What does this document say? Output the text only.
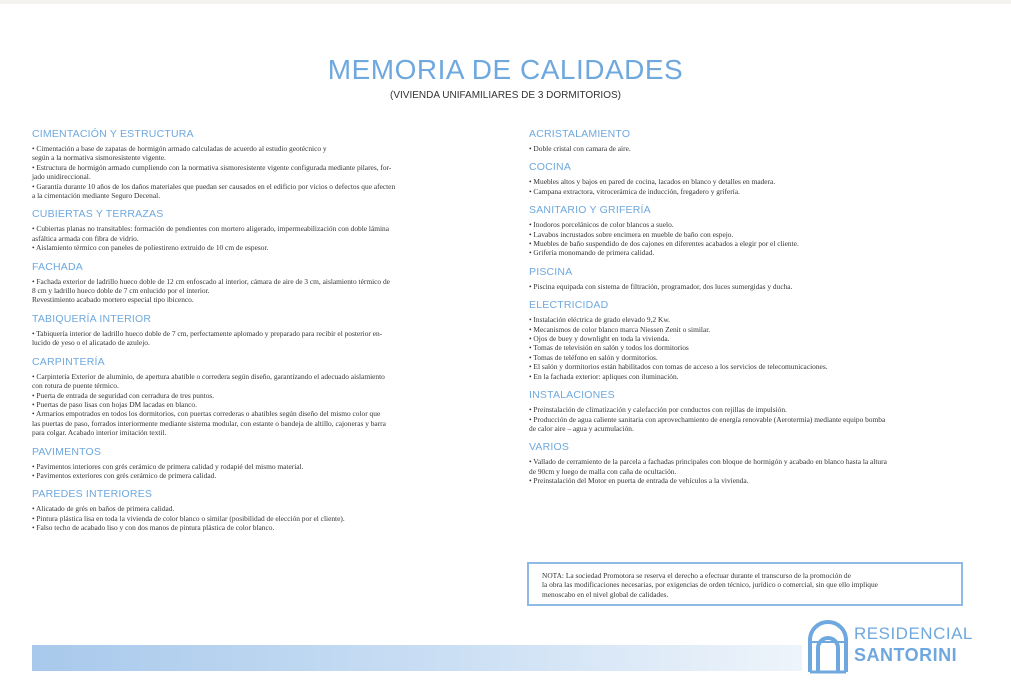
MEMORIA DE CALIDADES

(VIVIENDA UNIFAMILIARES DE 3 DORMITORIOS)

CIMENTACIÓN Y ESTRUCTURA
• Cimentación a base de zapatas de hormigón armado calculadas de acuerdo al estudio geotécnico y
según a la normativa sismoresistente vigente.
• Estructura de hormigón armado cumpliendo con la normativa sismoresistente vigente configurada mediante pilares, for-
jado unidireccional.
• Garantía durante 10 años de los daños materiales que puedan ser causados en el edificio por vicios o defectos que afecten
a la cimentación mediante Seguro Decenal.
CUBIERTAS Y TERRAZAS
• Cubiertas planas no transitables: formación de pendientes con mortero aligerado, impermeabilización con doble lámina
asfáltica armada con fibra de vidrio.
• Aislamiento térmico con paneles de poliestireno extruido de 10 cm de espesor.
FACHADA
• Fachada exterior de ladrillo hueco doble de 12 cm enfoscado al interior, cámara de aire de 3 cm, aislamiento térmico de
8 cm y ladrillo hueco doble de 7 cm enlucido por el interior.
Revestimiento acabado mortero especial tipo ibicenco.
TABIQUERÍA INTERIOR
• Tabiquería interior de ladrillo hueco doble de 7 cm, perfectamente aplomado y preparado para recibir el posterior en-
lucido de yeso o el alicatado de azulejo.
CARPINTERÍA
• Carpintería Exterior de aluminio, de apertura abatible o corredera según diseño, garantizando el adecuado aislamiento
con rotura de puente térmico.
• Puerta de entrada de seguridad con cerradura de tres puntos.
• Puertas de paso lisas con hojas DM lacadas en blanco.
• Armarios empotrados en todos los dormitorios, con puertas correderas o abatibles según diseño del mismo color que
las puertas de paso, forrados interiormente mediante sistema modular, con estante o bandeja de altillo, cajoneras y barra
para colgar. Acabado interior imitación textil.
PAVIMENTOS
• Pavimentos interiores con grés cerámico de primera calidad y rodapié del mismo material.
• Pavimentos exteriores con grés cerámico de primera calidad.
PAREDES INTERIORES
• Alicatado de grés en baños de primera calidad.
• Pintura plástica lisa en toda la vivienda de color blanco o similar (posibilidad de elección por el cliente).
• Falso techo de acabado liso y con dos manos de pintura plástica de color blanco.
ACRISTALAMIENTO
• Doble cristal con camara de aire.
COCINA
• Muebles altos y bajos en pared de cocina, lacados en blanco y detalles en madera.
• Campana extractora, vitrocerámica de inducción, fregadero y grifería.
SANITARIO Y GRIFERÍA
• Inodoros porcelánicos de color blancos a suelo.
• Lavabos incrustados sobre encimera en mueble de baño con espejo.
• Muebles de baño suspendido de dos cajones en diferentes acabados a elegir por el cliente.
• Grifería monomando de primera calidad.
PISCINA
• Piscina equipada con sistema de filtración, programador, dos luces sumergidas y ducha.
ELECTRICIDAD
• Instalación eléctrica de grado elevado 9,2 Kw.
• Mecanismos de color blanco marca Niessen Zenit o similar.
• Ojos de buey y downlight en toda la vivienda.
• Tomas de televisión en salón y todos los dormitorios
• Tomas de teléfono en salón y dormitorios.
• El salón y dormitorios están habilitados con tomas de acceso a los servicios de telecomunicaciones.
• En la fachada exterior: apliques con iluminación.
INSTALACIONES
• Preinstalación de climatización y calefacción por conductos con rejillas de impulsión.
• Producción de agua caliente sanitaria con aprovechamiento de energía renovable (Aerotermia) mediante equipo bomba
de calor aire – agua y acumulación.
VARIOS
• Vallado de cerramiento de la parcela a fachadas principales con bloque de hormigón y acabado en blanco hasta la altura
de 90cm y luego de malla con caña de ocultación.
• Preinstalación del Motor en puerta de entrada de vehículos a la vivienda.
NOTA: La sociedad Promotora se reserva el derecho a efectuar durante el transcurso de la promoción de
la obra las modificaciones necesarias, por exigencias de orden técnico, jurídico o comercial, sin que ello implique
menoscabo en el nivel global de calidades.
RESIDENCIAL
SANTORINI
